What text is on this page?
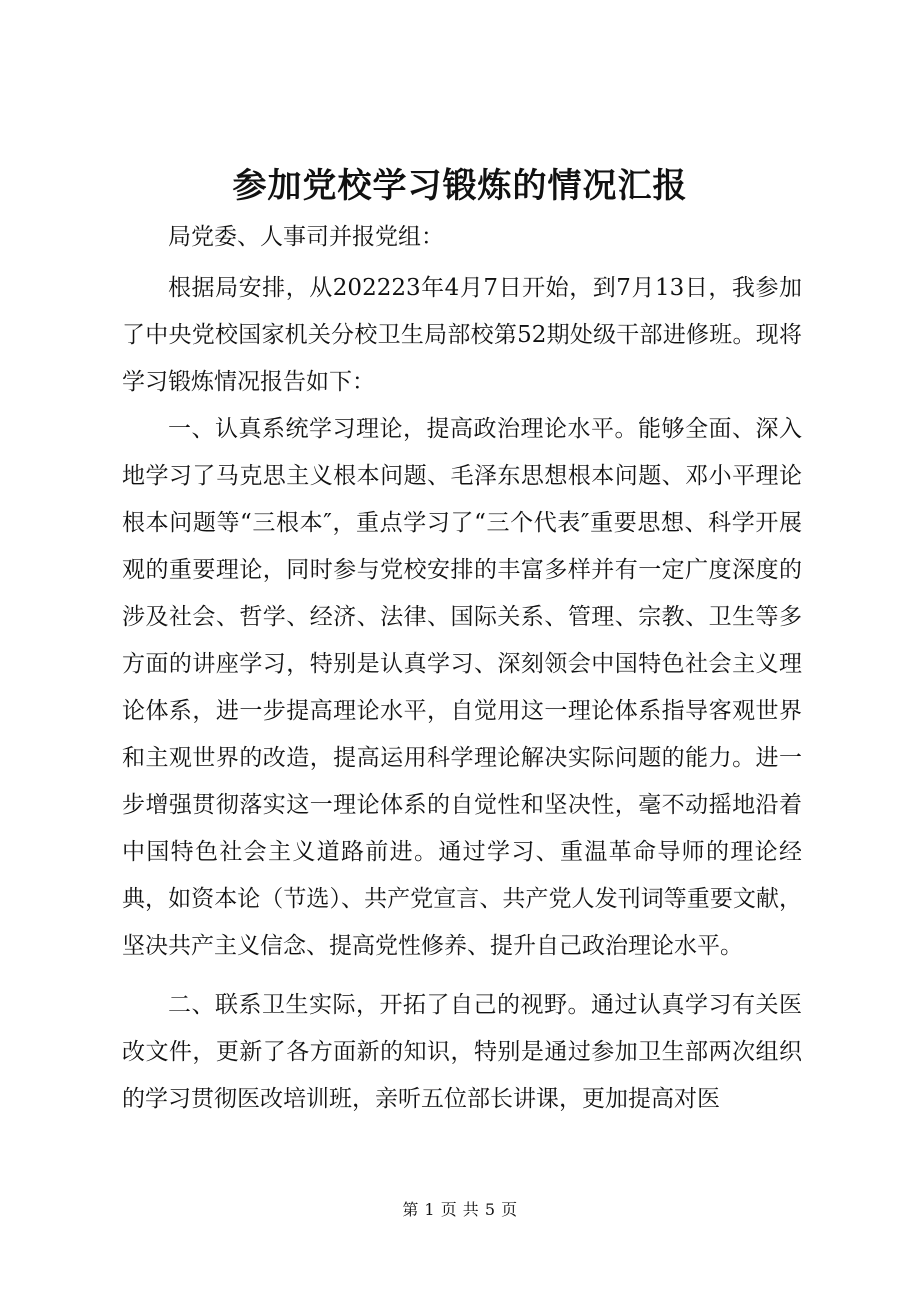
参加党校学习锻炼的情况汇报

局党委、人事司并报党组：

根据局安排，从202223年4月7日开始，到7月13日，我参加了中央党校国家机关分校卫生局部校第52期处级干部进修班。现将学习锻炼情况报告如下：

一、认真系统学习理论，提高政治理论水平。能够全面、深入地学习了马克思主义根本问题、毛泽东思想根本问题、邓小平理论根本问题等“三根本″，重点学习了“三个代表″重要思想、科学开展观的重要理论，同时参与党校安排的丰富多样并有一定广度深度的涉及社会、哲学、经济、法律、国际关系、管理、宗教、卫生等多方面的讲座学习，特别是认真学习、深刻领会中国特色社会主义理论体系，进一步提高理论水平，自觉用这一理论体系指导客观世界和主观世界的改造，提高运用科学理论解决实际问题的能力。进一步增强贯彻落实这一理论体系的自觉性和坚决性，毫不动摇地沿着中国特色社会主义道路前进。通过学习、重温革命导师的理论经典，如资本论（节选）、共产党宣言、共产党人发刊词等重要文献，坚决共产主义信念、提高党性修养、提升自己政治理论水平。

二、联系卫生实际，开拓了自己的视野。通过认真学习有关医改文件，更新了各方面新的知识，特别是通过参加卫生部两次组织的学习贯彻医改培训班，亲听五位部长讲课，更加提高对医

第 1 页 共 5 页
